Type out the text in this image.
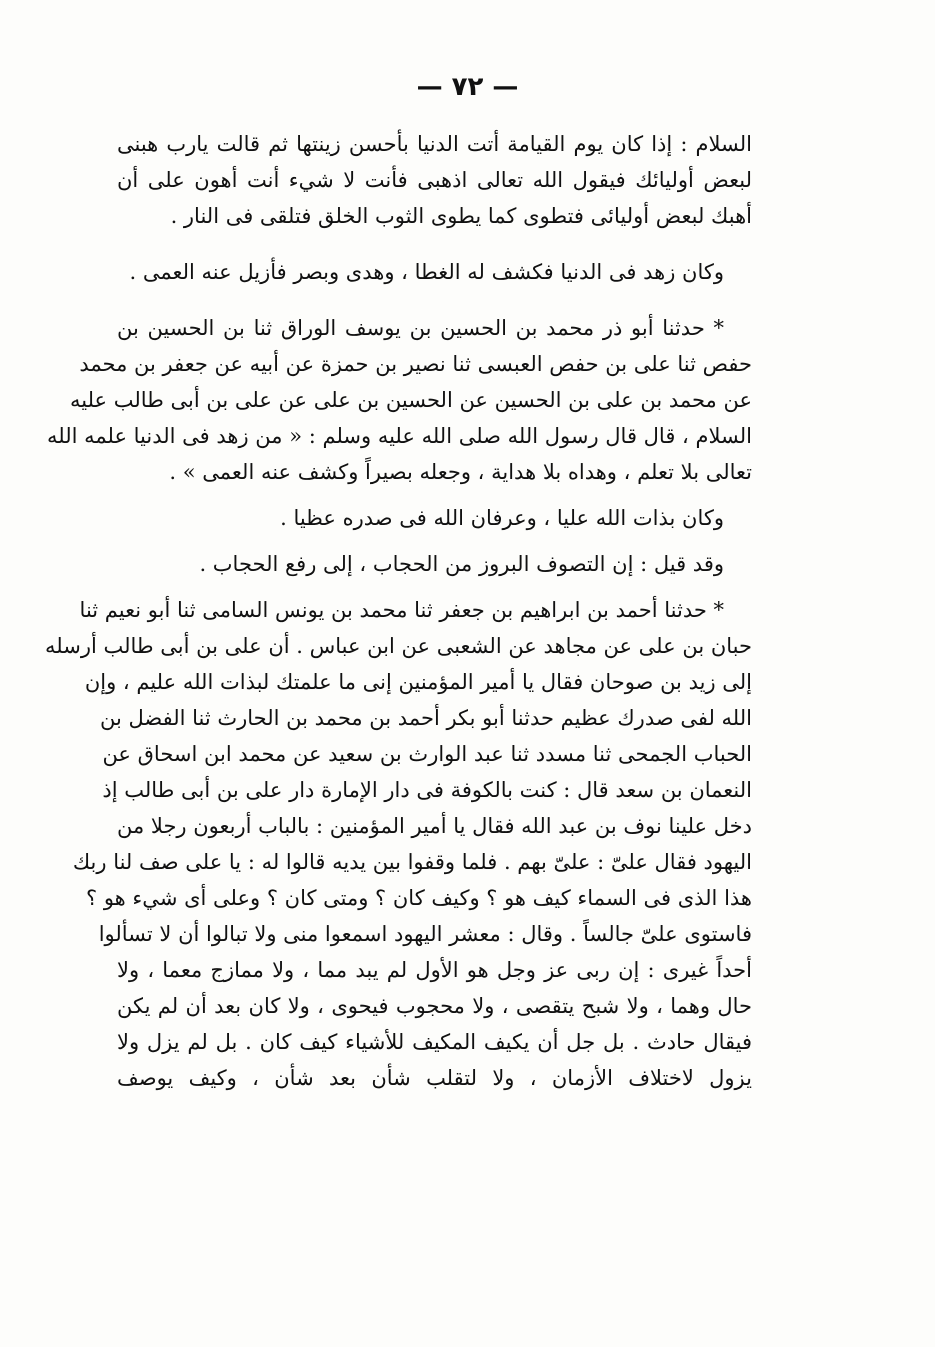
— ٧٢ —
السلام : إذا كان يوم القيامة أتت الدنيا بأحسن زينتها ثم قالت يارب هبنى
لبعض أوليائك فيقول الله تعالى اذهبى فأنت لا شيء أنت أهون على أن
أهبك لبعض أوليائى فتطوى كما يطوى الثوب الخلق فتلقى فى النار .
وكان زهد فى الدنيا فكشف له الغطا ، وهدى وبصر فأزيل عنه العمى .
* حدثنا أبو ذر محمد بن الحسين بن يوسف الوراق ثنا بن الحسين بن
حفص ثنا على بن حفص العبسى ثنا نصير بن حمزة عن أبيه عن جعفر بن محمد
عن محمد بن على بن الحسين عن الحسين بن على عن على بن أبى طالب عليه
السلام ، قال قال رسول الله صلى الله عليه وسلم : « من زهد فى الدنيا علمه الله
تعالى بلا تعلم ، وهداه بلا هداية ، وجعله بصيراً وكشف عنه العمى » .
وكان بذات الله عليا ، وعرفان الله فى صدره عظيا .
وقد قيل : إن التصوف البروز من الحجاب ، إلى رفع الحجاب .
* حدثنا أحمد بن ابراهيم بن جعفر ثنا محمد بن يونس السامى ثنا أبو نعيم ثنا
حبان بن على عن مجاهد عن الشعبى عن ابن عباس . أن على بن أبى طالب أرسله
إلى زيد بن صوحان فقال يا أمير المؤمنين إنى ما علمتك لبذات الله عليم ، وإن
الله لفى صدرك عظيم حدثنا أبو بكر أحمد بن محمد بن الحارث ثنا الفضل بن
الحباب الجمحى ثنا مسدد ثنا عبد الوارث بن سعيد عن محمد ابن اسحاق عن
النعمان بن سعد قال : كنت بالكوفة فى دار الإمارة دار على بن أبى طالب إذ
دخل علينا نوف بن عبد الله فقال يا أمير المؤمنين : بالباب أربعون رجلا من
اليهود فقال علىّ : علىّ بهم . فلما وقفوا بين يديه قالوا له : يا على صف لنا ربك
هذا الذى فى السماء كيف هو ؟ وكيف كان ؟ ومتى كان ؟ وعلى أى شيء هو ؟
فاستوى علىّ جالساً . وقال : معشر اليهود اسمعوا منى ولا تبالوا أن لا تسألوا
أحداً غيرى : إن ربى عز وجل هو الأول لم يبد مما ، ولا ممازج معما ، ولا
حال وهما ، ولا شبح يتقصى ، ولا محجوب فيحوى ، ولا كان بعد أن لم يكن
فيقال حادث . بل جل أن يكيف المكيف للأشياء كيف كان . بل لم يزل ولا
يزول لاختلاف الأزمان ، ولا لتقلب شأن بعد شأن ، وكيف يوصف
